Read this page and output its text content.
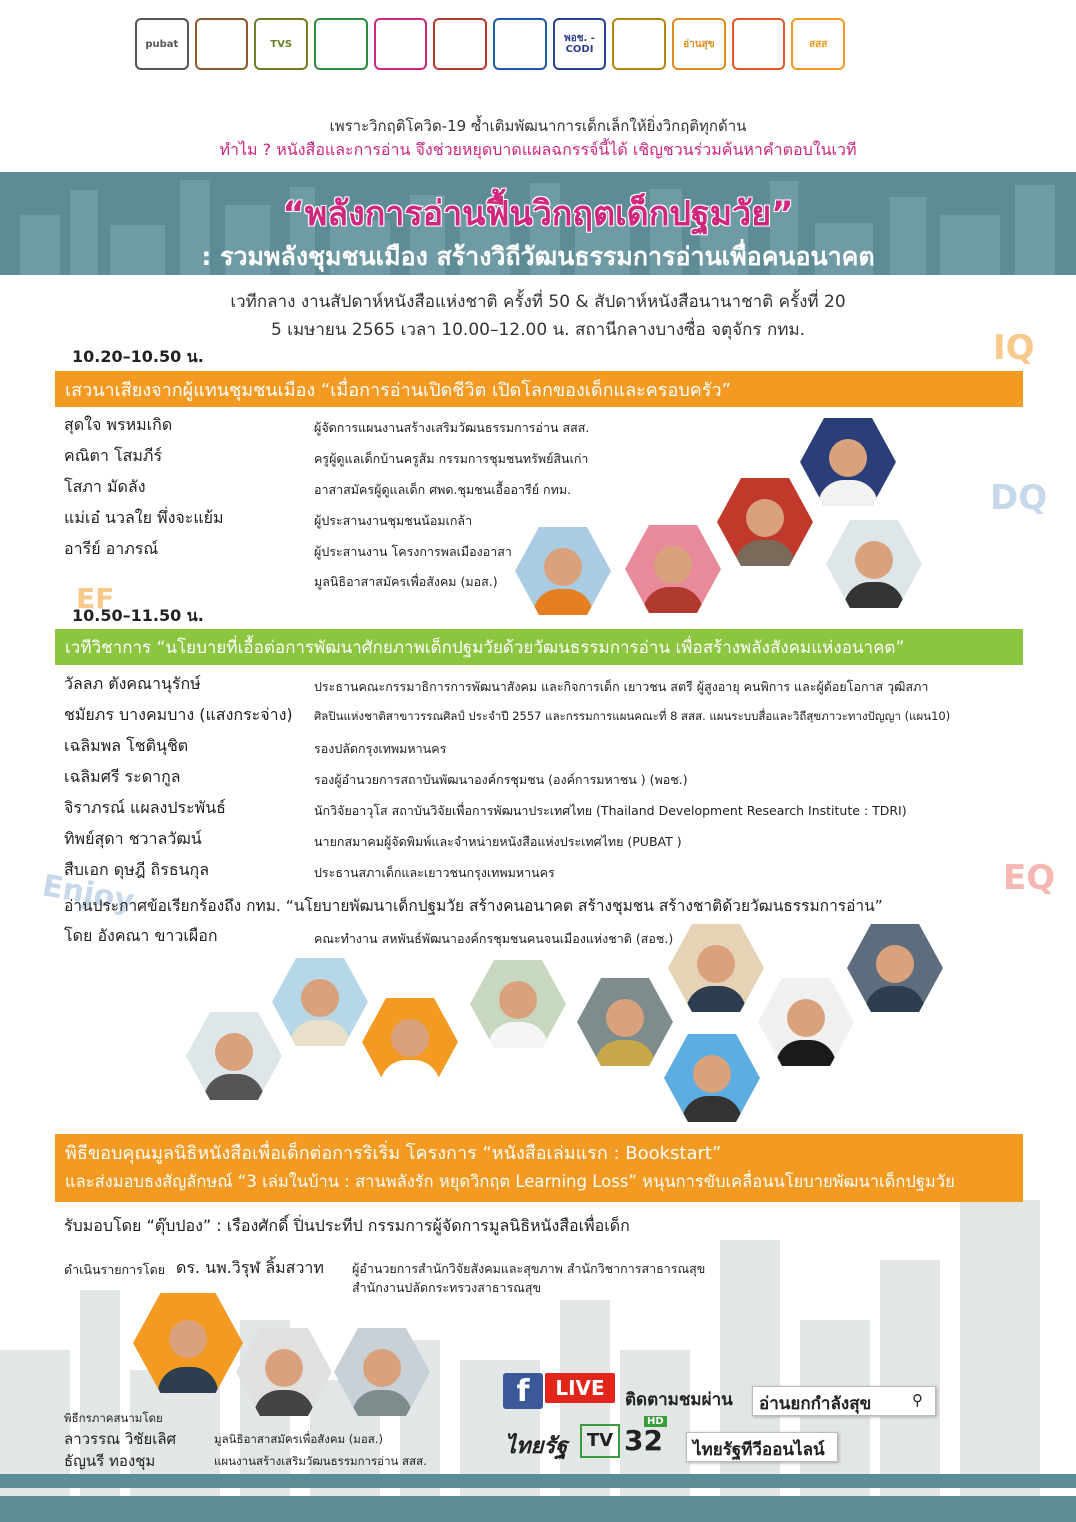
pubat	TVS	พอช. - CODI	อ่านสุข	สสส
เพราะวิกฤติโควิด-19 ซ้ำเติมพัฒนาการเด็กเล็กให้ยิ่งวิกฤติทุกด้าน
ทำไม ? หนังสือและการอ่าน จึงช่วยหยุดบาดแผลฉกรรจ์นี้ได้ เชิญชวนร่วมค้นหาคำตอบในเวที
“พลังการอ่านฟื้นวิกฤตเด็กปฐมวัย”
: รวมพลังชุมชนเมือง สร้างวิถีวัฒนธรรมการอ่านเพื่อคนอนาคต
เวทีกลาง งานสัปดาห์หนังสือแห่งชาติ ครั้งที่ 50 & สัปดาห์หนังสือนานาชาติ ครั้งที่ 20
5 เมษายน 2565 เวลา 10.00–12.00 น. สถานีกลางบางซื่อ จตุจักร กทม.	IQ
DQ
EF
EQ
Enjoy
10.20–10.50 น.
เสวนาเสียงจากผู้แทนชุมชนเมือง “เมื่อการอ่านเปิดชีวิต เปิดโลกของเด็กและครอบครัว”
สุดใจ พรหมเกิด	ผู้จัดการแผนงานสร้างเสริมวัฒนธรรมการอ่าน สสส.
คณิตา โสมภีร์	ครูผู้ดูแลเด็กบ้านครูส้ม กรรมการชุมชนทรัพย์สินเก่า
โสภา มัดลัง	อาสาสมัครผู้ดูแลเด็ก ศพด.ชุมชนเอื้ออารีย์ กทม.
แม่เอ๋ นวลใย พึ่งจะแย้ม	ผู้ประสานงานชุมชนน้อมเกล้า
อารีย์ อาภรณ์	ผู้ประสานงาน โครงการพลเมืองอาสา
มูลนิธิอาสาสมัครเพื่อสังคม (มอส.)
10.50–11.50 น.
เวทีวิชาการ “นโยบายที่เอื้อต่อการพัฒนาศักยภาพเด็กปฐมวัยด้วยวัฒนธรรมการอ่าน เพื่อสร้างพลังสังคมแห่งอนาคต”
วัลลภ ตังคณานุรักษ์	ประธานคณะกรรมาธิการการพัฒนาสังคม และกิจการเด็ก เยาวชน สตรี ผู้สูงอายุ คนพิการ และผู้ด้อยโอกาส วุฒิสภา
ชมัยภร บางคมบาง (แสงกระจ่าง) ศิลปินแห่งชาติสาขาวรรณศิลป์ ประจำปี 2557 และกรรมการแผนคณะที่ 8 สสส. แผนระบบสื่อและวิถีสุขภาวะทางปัญญา (แผน10)
เฉลิมพล โชตินุชิต	รองปลัดกรุงเทพมหานคร
เฉลิมศรี ระดากูล	รองผู้อำนวยการสถาบันพัฒนาองค์กรชุมชน (องค์การมหาชน ) (พอช.)
จิราภรณ์ แผลงประพันธ์	นักวิจัยอาวุโส สถาบันวิจัยเพื่อการพัฒนาประเทศไทย (Thailand Development Research Institute : TDRI)
ทิพย์สุดา ชวาลวัฒน์	นายกสมาคมผู้จัดพิมพ์และจำหน่ายหนังสือแห่งประเทศไทย (PUBAT )
สืบเอก ดุษฎี ถิรธนกุล	ประธานสภาเด็กและเยาวชนกรุงเทพมหานคร
อ่านประกาศข้อเรียกร้องถึง กทม. “นโยบายพัฒนาเด็กปฐมวัย สร้างคนอนาคต สร้างชุมชน สร้างชาติด้วยวัฒนธรรมการอ่าน”
โดย อังคณา ขาวเผือก	คณะทำงาน สหพันธ์พัฒนาองค์กรชุมชนคนจนเมืองแห่งชาติ (สอช.)
พิธีขอบคุณมูลนิธิหนังสือเพื่อเด็กต่อการริเริ่ม โครงการ “หนังสือเล่มแรก : Bookstart”
และส่งมอบธงสัญลักษณ์ “3 เล่มในบ้าน : สานพลังรัก หยุดวิกฤต Learning Loss” หนุนการขับเคลื่อนนโยบายพัฒนาเด็กปฐมวัย
รับมอบโดย “ตุ๊บปอง” : เรืองศักดิ์ ปิ่นประทีป กรรมการผู้จัดการมูลนิธิหนังสือเพื่อเด็ก
ดำเนินรายการโดย ดร. นพ.วิรุฬ ลิ้มสวาท ผู้อำนวยการสำนักวิจัยสังคมและสุขภาพ สำนักวิชาการสาธารณสุข
สำนักงานปลัดกระทรวงสาธารณสุข
พิธีกรภาคสนามโดย
ลาวรรณ วิชัยเลิศ	มูลนิธิอาสาสมัครเพื่อสังคม (มอส.)
ธัญนรี ทองชุม	แผนงานสร้างเสริมวัฒนธรรมการอ่าน สสส.
f	LIVE	ติดตามชมผ่าน อ่านยกกำลังสุข	⚲
ไทยรัฐ	TV
HD
32 ไทยรัฐทีวีออนไลน์
